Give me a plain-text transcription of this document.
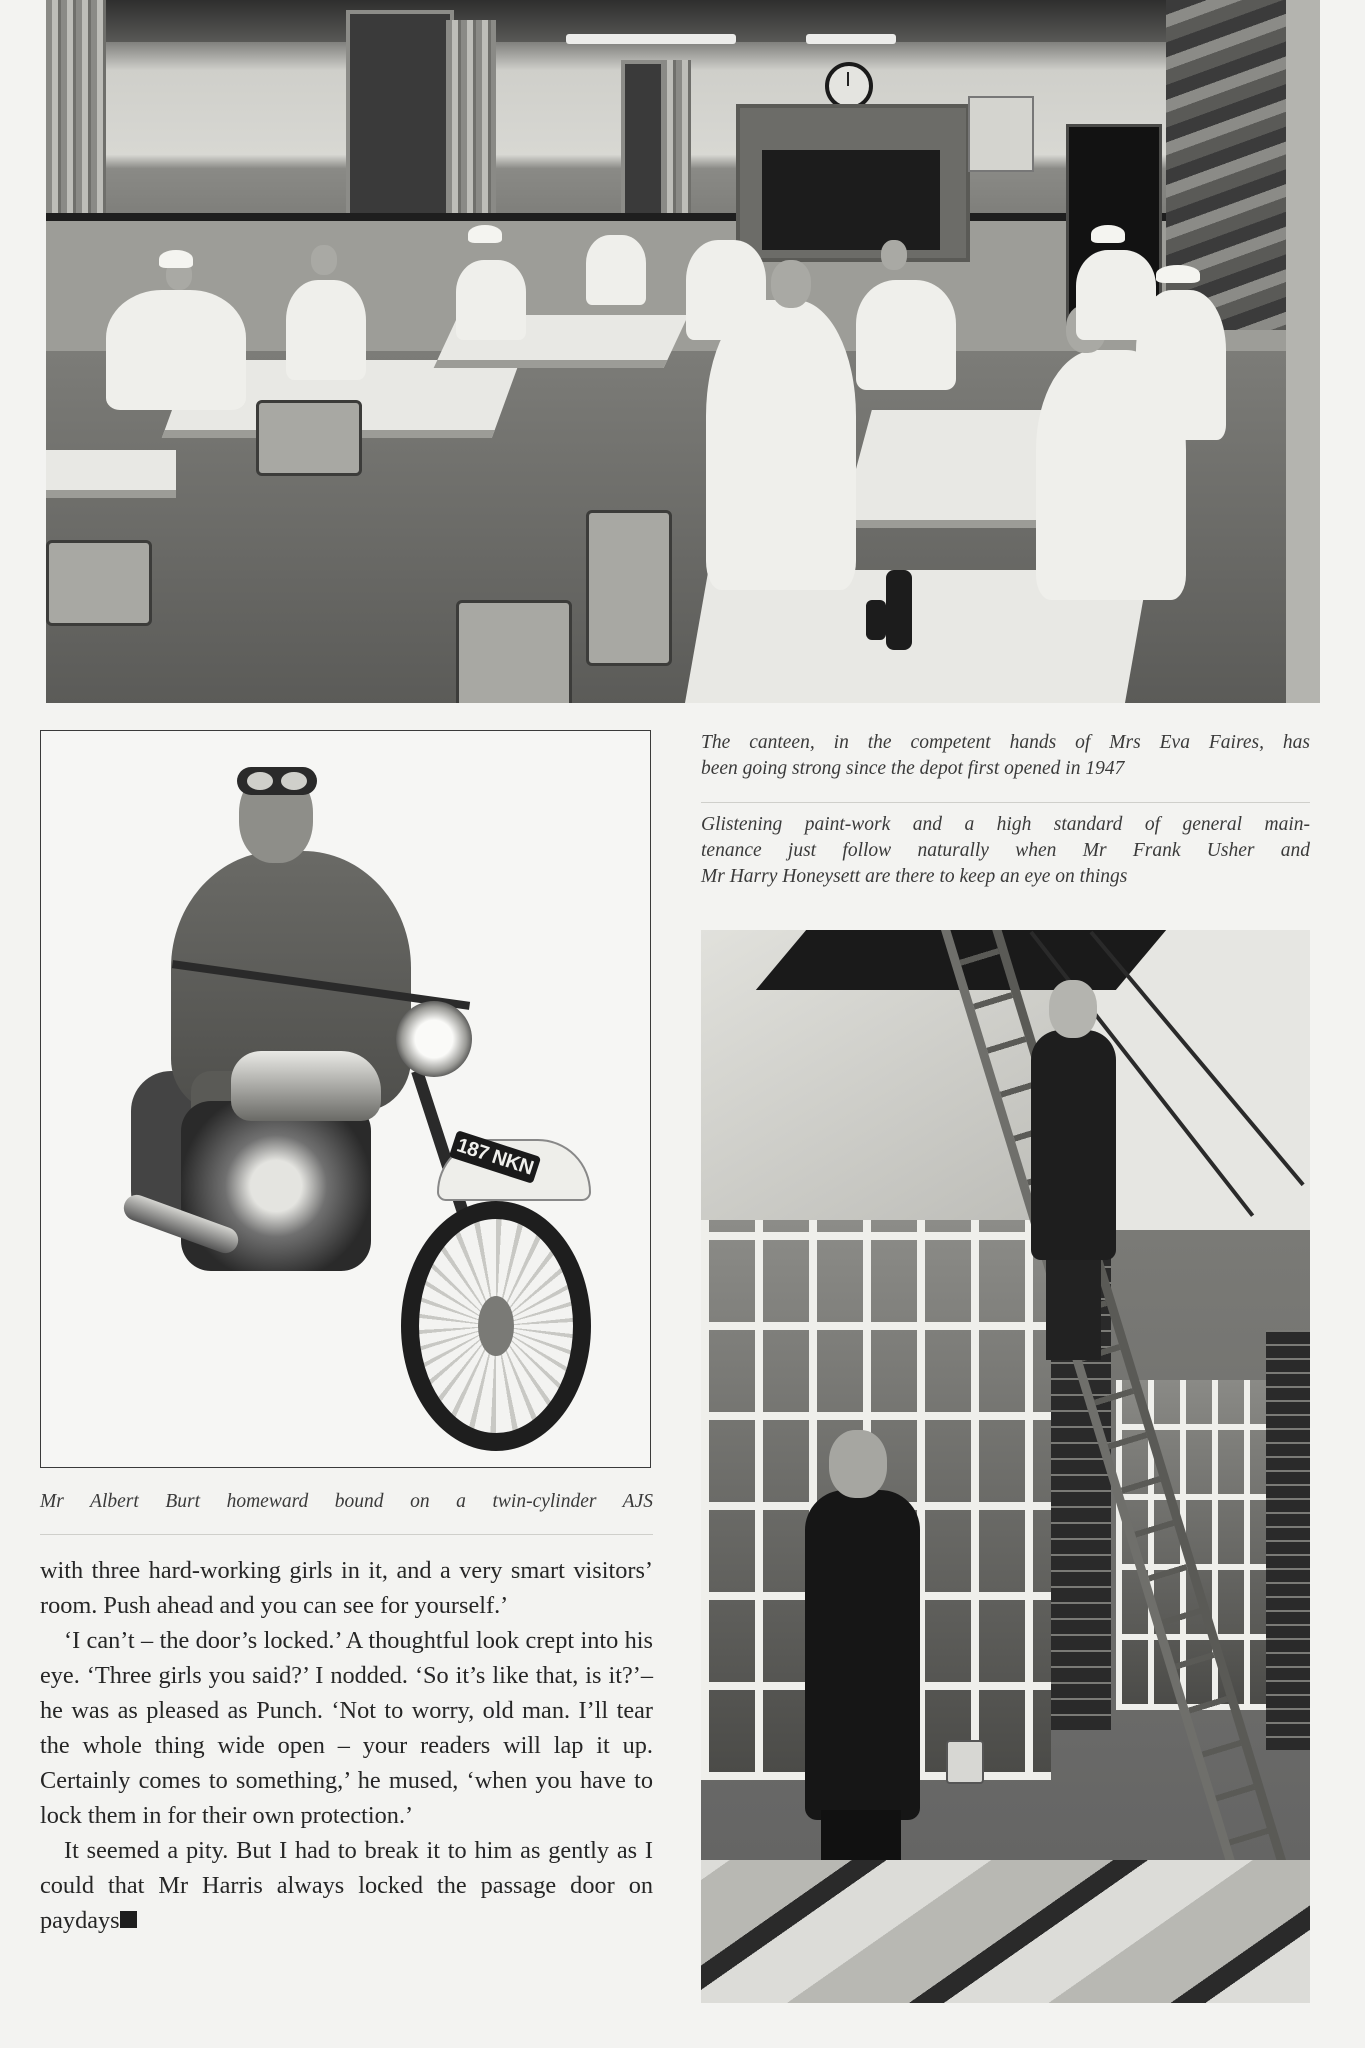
The canteen, in the competent hands of Mrs Eva Faires, has
been going strong since the depot first opened in 1947
Glistening paint-work and a high standard of general main-
tenance just follow naturally when Mr Frank Usher and
Mr Harry Honeysett are there to keep an eye on things
187 NKN
Mr Albert Burt homeward bound on a twin-cylinder AJS

with three hard-working girls in it, and a very smart visitors’ room. Push ahead and you can see for yourself.’

‘I can’t – the door’s locked.’ A thoughtful look crept into his eye. ‘Three girls you said?’ I nodded. ‘So it’s like that, is it?’– he was as pleased as Punch. ‘Not to worry, old man. I’ll tear the whole thing wide open – your readers will lap it up. Certainly comes to something,’ he mused, ‘when you have to lock them in for their own protection.’

It seemed a pity. But I had to break it to him as gently as I could that Mr Harris always locked the passage door on paydays
